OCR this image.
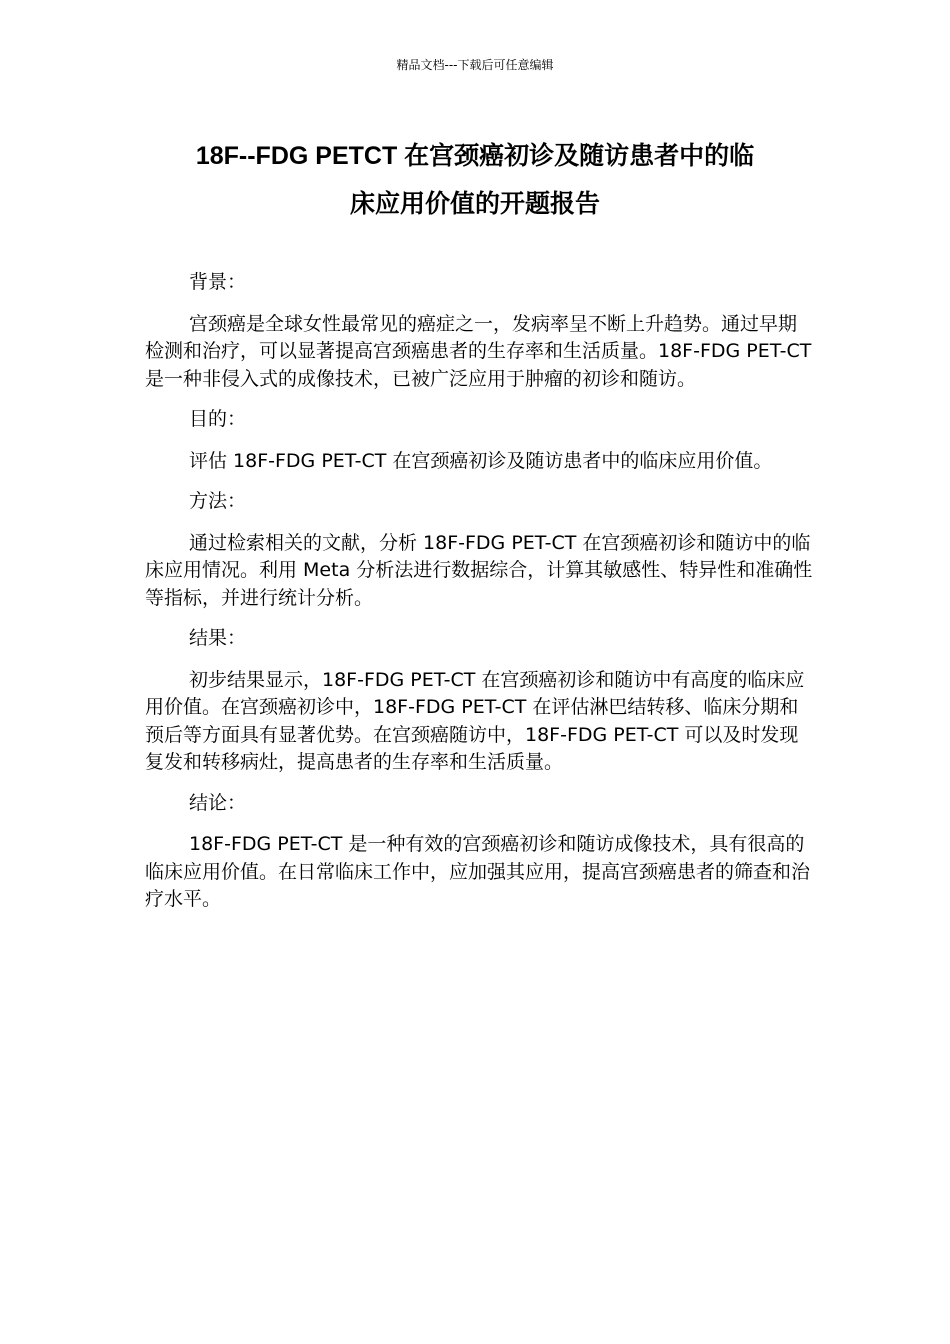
精品文档---下载后可任意编辑
18F--FDG PETCT 在宫颈癌初诊及随访患者中的临
床应用价值的开题报告

背景：

宫颈癌是全球女性最常见的癌症之一，发病率呈不断上升趋势。通过早期检测和治疗，可以显著提高宫颈癌患者的生存率和生活质量。18F-FDG PET-CT 是一种非侵入式的成像技术，已被广泛应用于肿瘤的初诊和随访。

目的：

评估 18F-FDG PET-CT 在宫颈癌初诊及随访患者中的临床应用价值。

方法：

通过检索相关的文献，分析 18F-FDG PET-CT 在宫颈癌初诊和随访中的临床应用情况。利用 Meta 分析法进行数据综合，计算其敏感性、特异性和准确性等指标，并进行统计分析。

结果：

初步结果显示，18F-FDG PET-CT 在宫颈癌初诊和随访中有高度的临床应用价值。在宫颈癌初诊中，18F-FDG PET-CT 在评估淋巴结转移、临床分期和预后等方面具有显著优势。在宫颈癌随访中，18F-FDG PET-CT 可以及时发现复发和转移病灶，提高患者的生存率和生活质量。

结论：

18F-FDG PET-CT 是一种有效的宫颈癌初诊和随访成像技术，具有很高的临床应用价值。在日常临床工作中，应加强其应用，提高宫颈癌患者的筛查和治疗水平。
